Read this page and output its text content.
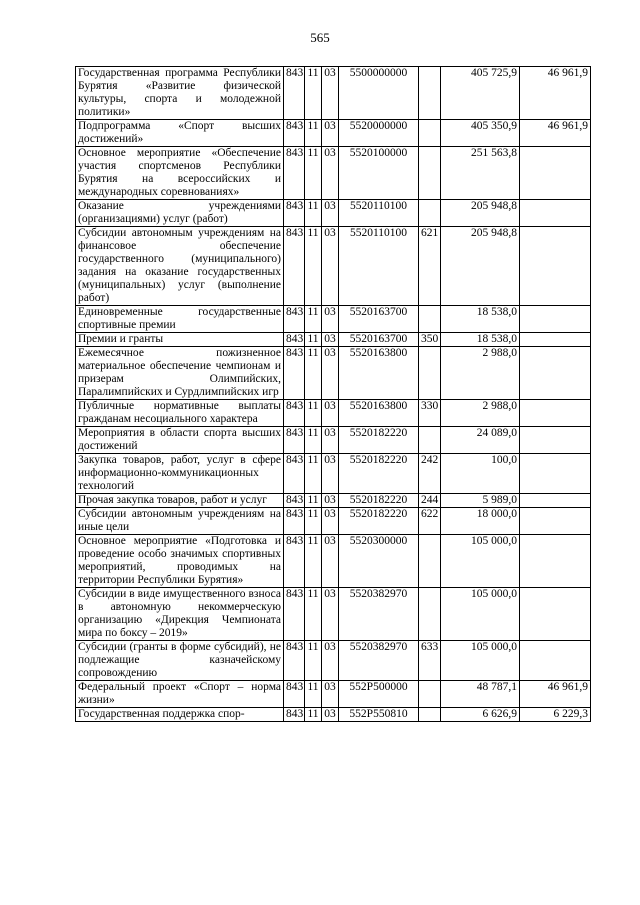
565
Государственная программа Республики Бурятия «Развитие физической культуры, спорта и молодежной политики»	843	11	03	5500000000		405 725,9	46 961,9
Подпрограмма «Спорт высших достижений»	843	11	03	5520000000		405 350,9	46 961,9
Основное мероприятие «Обеспечение участия спортсменов Республики Бурятия на всероссийских и международных соревнованиях»	843	11	03	5520100000		251 563,8	
Оказание учреждениями (организациями) услуг (работ)	843	11	03	5520110100		205 948,8	
Субсидии автономным учреждениям на финансовое обеспечение государственного (муниципального) задания на оказание государственных (муниципальных) услуг (выполнение работ)	843	11	03	5520110100	621	205 948,8	
Единовременные государственные спортивные премии	843	11	03	5520163700		18 538,0	
Премии и гранты	843	11	03	5520163700	350	18 538,0	
Ежемесячное пожизненное материальное обеспечение чемпионам и призерам Олимпийских, Паралимпийских и Сурдлимпийских игр	843	11	03	5520163800		2 988,0	
Публичные нормативные выплаты гражданам несоциального характера	843	11	03	5520163800	330	2 988,0	
Мероприятия в области спорта высших достижений	843	11	03	5520182220		24 089,0	
Закупка товаров, работ, услуг в сфере информационно-коммуникационных технологий	843	11	03	5520182220	242	100,0	
Прочая закупка товаров, работ и услуг	843	11	03	5520182220	244	5 989,0	
Субсидии автономным учреждениям на иные цели	843	11	03	5520182220	622	18 000,0	
Основное мероприятие «Подготовка и проведение особо значимых спортивных мероприятий, проводимых на территории Республики Бурятия»	843	11	03	5520300000		105 000,0	
Субсидии в виде имущественного взноса в автономную некоммерческую организацию «Дирекция Чемпионата мира по боксу – 2019»	843	11	03	5520382970		105 000,0	
Субсидии (гранты в форме субсидий), не подлежащие казначейскому сопровождению	843	11	03	5520382970	633	105 000,0	
Федеральный проект «Спорт – норма жизни»	843	11	03	552P500000		48 787,1	46 961,9
Государственная поддержка спор-	843	11	03	552P550810		6 626,9	6 229,3
